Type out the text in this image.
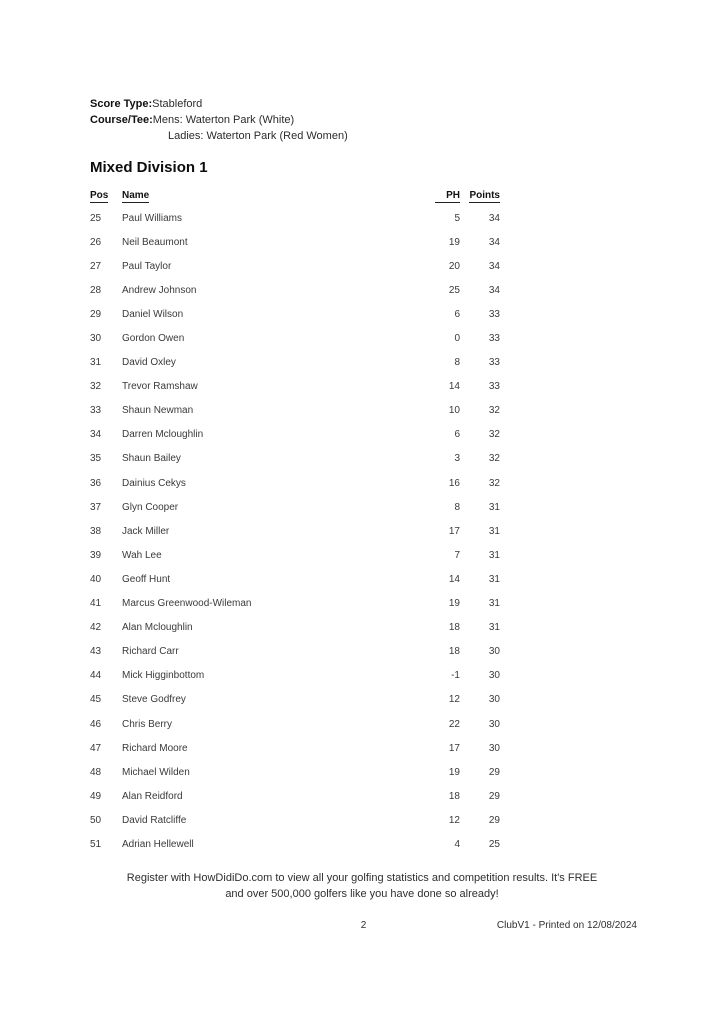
Score Type:Stableford
Course/Tee:Mens: Waterton Park (White)
Ladies: Waterton Park (Red Women)
Mixed Division 1
Pos	Name	PH Points
25	Paul Williams	5	34
26	Neil Beaumont	19	34
27	Paul Taylor	20	34
28	Andrew Johnson	25	34
29	Daniel Wilson	6	33
30	Gordon Owen	0	33
31	David Oxley	8	33
32	Trevor Ramshaw	14	33
33	Shaun Newman	10	32
34	Darren Mcloughlin	6	32
35	Shaun Bailey	3	32
36	Dainius Cekys	16	32
37	Glyn Cooper	8	31
38	Jack Miller	17	31
39	Wah Lee	7	31
40	Geoff Hunt	14	31
41	Marcus Greenwood-Wileman	19	31
42	Alan Mcloughlin	18	31
43	Richard Carr	18	30
44	Mick Higginbottom	-1	30
45	Steve Godfrey	12	30
46	Chris Berry	22	30
47	Richard Moore	17	30
48	Michael Wilden	19	29
49	Alan Reidford	18	29
50	David Ratcliffe	12	29
51	Adrian Hellewell	4	25
Register with HowDidiDo.com to view all your golfing statistics and competition results. It's FREE
and over 500,000 golfers like you have done so already!
2	ClubV1 - Printed on 12/08/2024
